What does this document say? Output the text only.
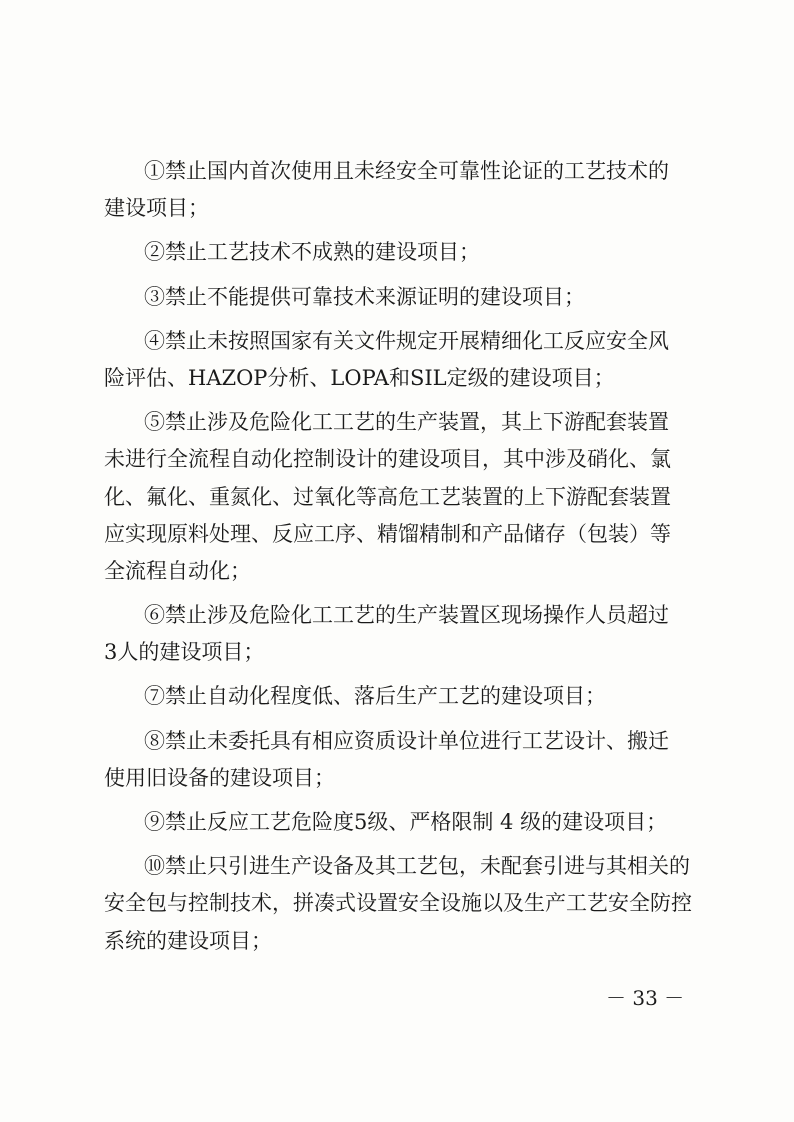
①禁止国内首次使用且未经安全可靠性论证的工艺技术的
建设项目；
②禁止工艺技术不成熟的建设项目；
③禁止不能提供可靠技术来源证明的建设项目；
④禁止未按照国家有关文件规定开展精细化工反应安全风
险评估、HAZOP分析、LOPA和SIL定级的建设项目；
⑤禁止涉及危险化工工艺的生产装置，其上下游配套装置
未进行全流程自动化控制设计的建设项目，其中涉及硝化、氯
化、氟化、重氮化、过氧化等高危工艺装置的上下游配套装置
应实现原料处理、反应工序、精馏精制和产品储存（包装）等
全流程自动化；
⑥禁止涉及危险化工工艺的生产装置区现场操作人员超过
3人的建设项目；
⑦禁止自动化程度低、落后生产工艺的建设项目；
⑧禁止未委托具有相应资质设计单位进行工艺设计、搬迁
使用旧设备的建设项目；
⑨禁止反应工艺危险度5级、严格限制 4 级的建设项目；
⑩禁止只引进生产设备及其工艺包，未配套引进与其相关的
安全包与控制技术，拼凑式设置安全设施以及生产工艺安全防控
系统的建设项目；
－ 33 －
